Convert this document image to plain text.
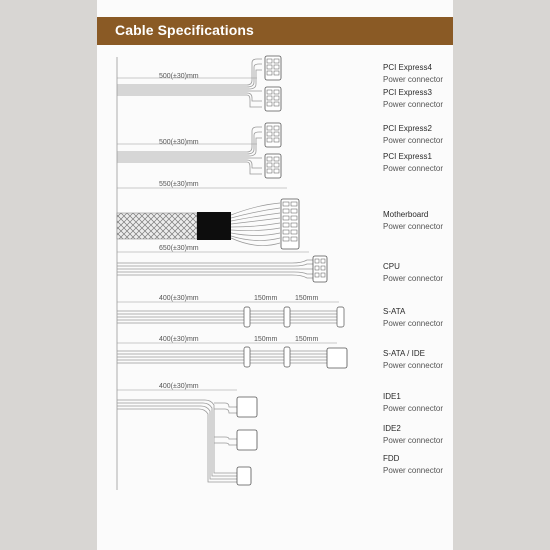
Cable Specifications
500(±30)mm
500(±30)mm
550(±30)mm
650(±30)mm
400(±30)mm	150mm	150mm
400(±30)mm	150mm	150mm
400(±30)mm
PCI Express4
Power connector
PCI Express3
Power connector
PCI Express2
Power connector
PCI Express1
Power connector
Motherboard
Power connector
CPU
Power connector
S-ATA
Power connector
S-ATA / IDE
Power connector
IDE1
Power connector
IDE2
Power connector
FDD
Power connector
